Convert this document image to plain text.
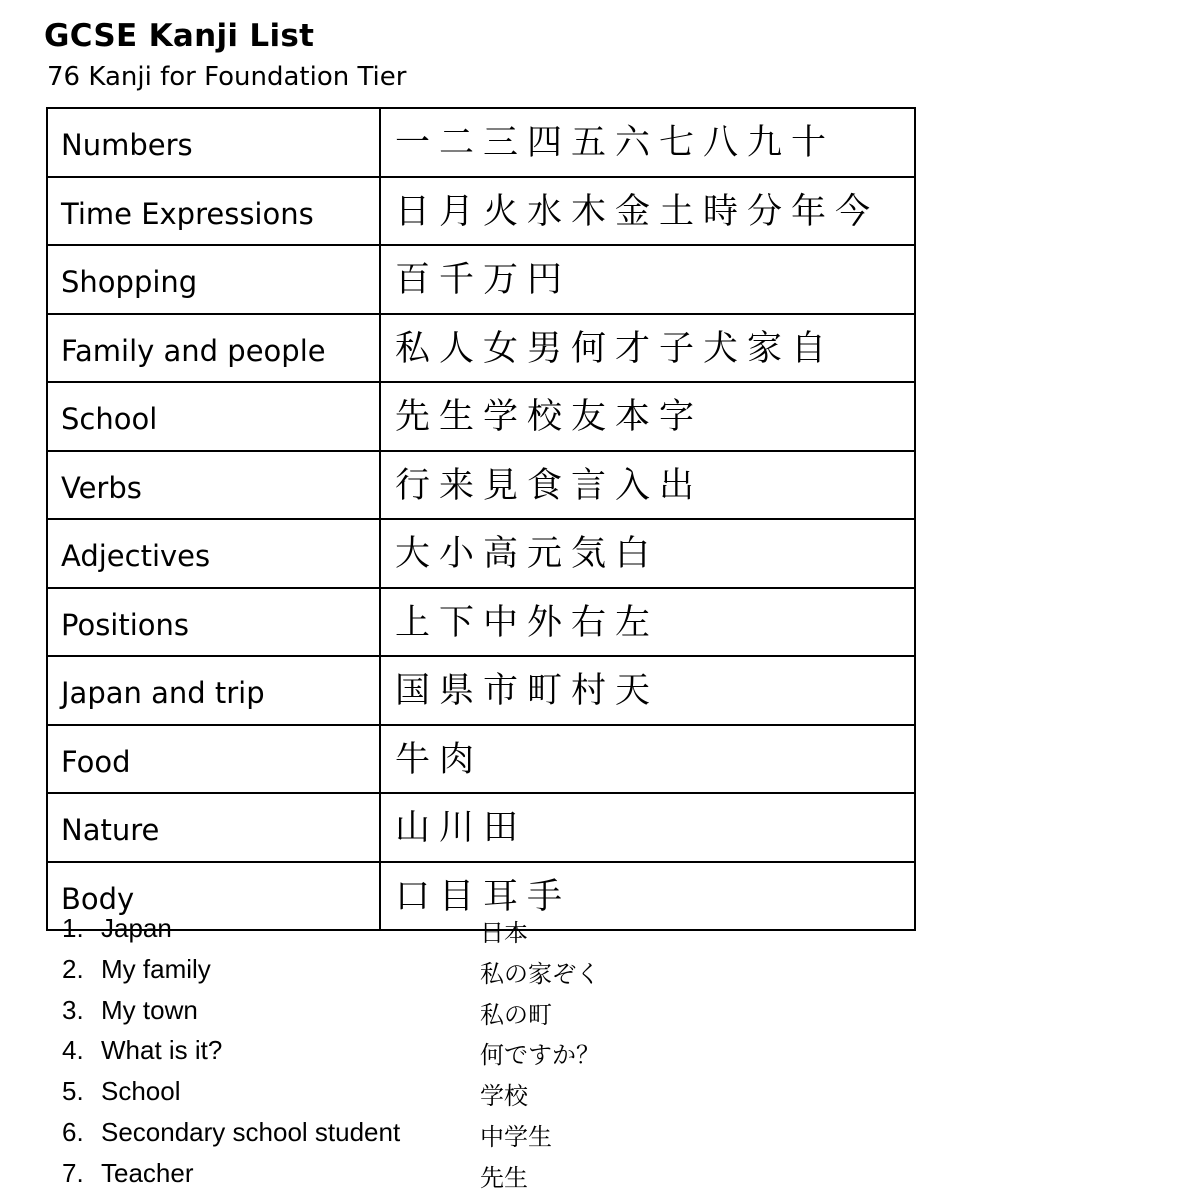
GCSE Kanji List
76 Kanji for Foundation Tier
Numbers	一二三四五六七八九十
Time Expressions	日月火水木金土時分年今
Shopping	百千万円
Family and people	私人女男何才子犬家自
School	先生学校友本字
Verbs	行来見食言入出
Adjectives	大小高元気白
Positions	上下中外右左
Japan and trip	国県市町村天
Food	牛肉
Nature	山川田
Body	口目耳手
1. Japan	日本
2. My family	私の家ぞく
3. My town	私の町
4. What is it?	何ですか？
5. School	学校
6. Secondary school student	中学生
7. Teacher	先生
